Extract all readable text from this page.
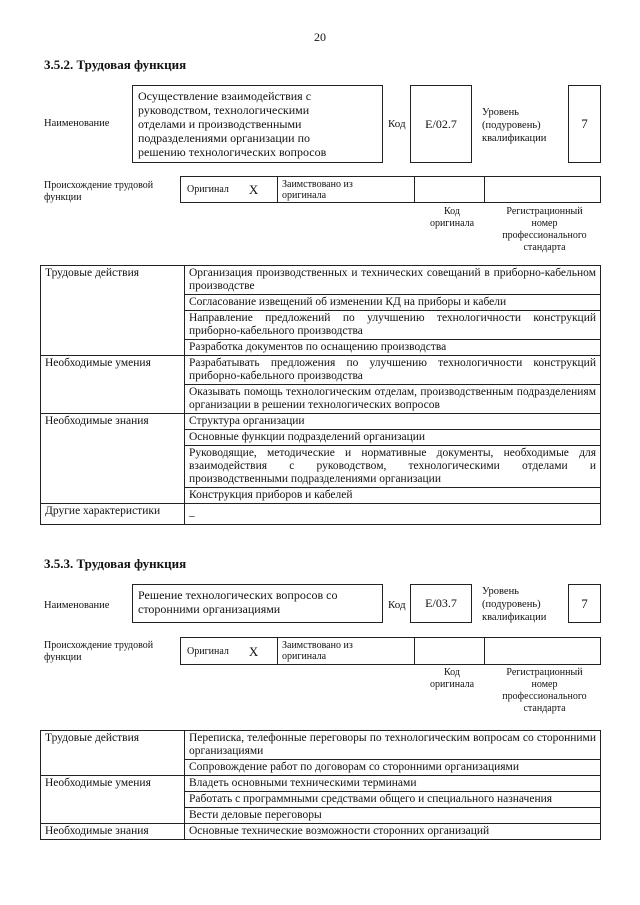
20
3.5.2. Трудовая функция
Наименование
Осуществление взаимодействия с
руководством, технологическими
отделами и производственными
подразделениями организации по
решению технологических вопросов
Код	E/02.7
Уровень
(подуровень)
квалификации
7
Происхождение трудовой
функции
Оригинал X	Заимствовано из
оригинала
Код
оригинала
Регистрационный
номер
профессионального
стандарта
Трудовые действия	Организация производственных и технических совещаний в приборно-кабельном производстве
	Согласование извещений об изменении КД на приборы и кабели
	Направление предложений по улучшению технологичности конструкций приборно-кабельного производства
	Разработка документов по оснащению производства
Необходимые умения	Разрабатывать предложения по улучшению технологичности конструкций приборно-кабельного производства
	Оказывать помощь технологическим отделам, производственным подразделениям организации в решении технологических вопросов
Необходимые знания	Структура организации
	Основные функции подразделений организации
	Руководящие, методические и нормативные документы, необходимые для взаимодействия с руководством, технологическими отделами и производственными подразделениями организации
	Конструкция приборов и кабелей
Другие характеристики	–
3.5.3. Трудовая функция
Наименование
Решение технологических вопросов со
сторонними организациями	Код	E/03.7
Уровень
(подуровень)
квалификации
7
Происхождение трудовой
функции
Оригинал X	Заимствовано из
оригинала
Код
оригинала
Регистрационный
номер
профессионального
стандарта
Трудовые действия	Переписка, телефонные переговоры по технологическим вопросам со сторонними организациями
	Сопровождение работ по договорам со сторонними организациями
Необходимые умения	Владеть основными техническими терминами
	Работать с программными средствами общего и специального назначения
	Вести деловые переговоры
Необходимые знания	Основные технические возможности сторонних организаций
